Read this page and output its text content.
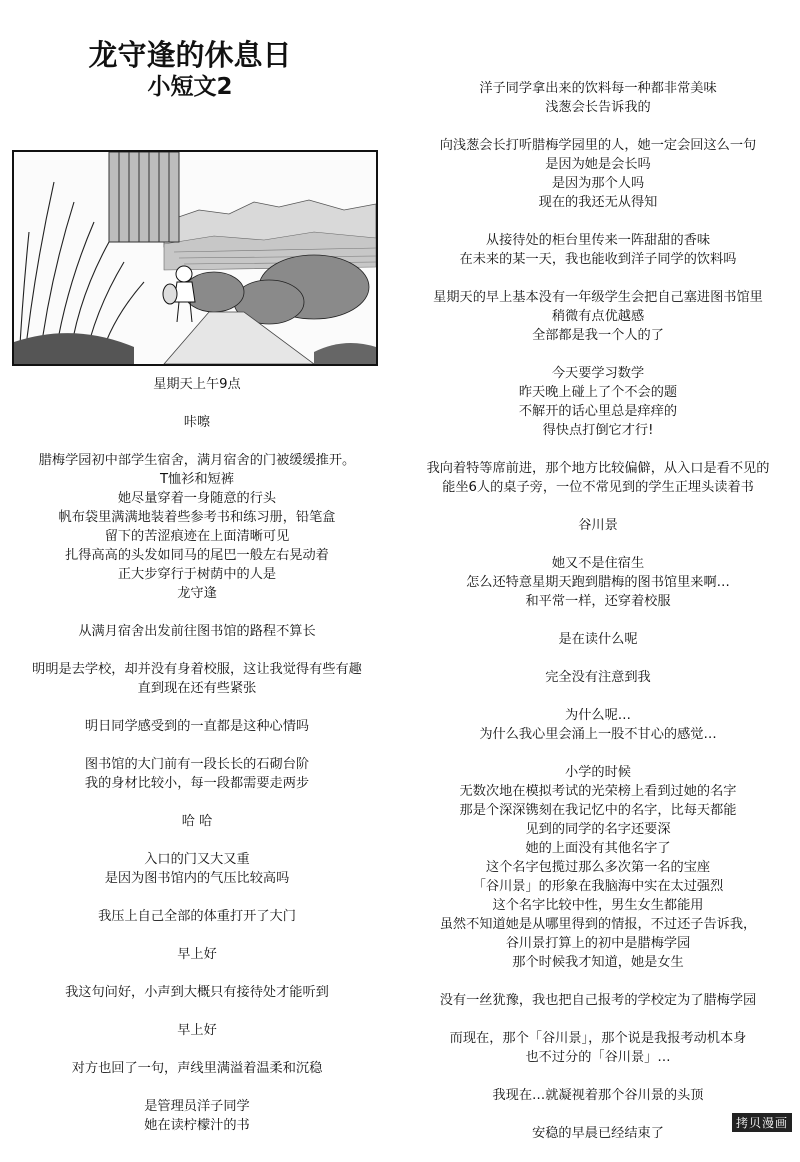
龙守逢的休息日
小短文2
星期天上午9点
咔嚓
腊梅学园初中部学生宿舍，满月宿舍的门被缓缓推开。
T恤衫和短裤
她尽量穿着一身随意的行头
帆布袋里满满地装着些参考书和练习册，铅笔盒
留下的苦涩痕迹在上面清晰可见
扎得高高的头发如同马的尾巴一般左右晃动着
正大步穿行于树荫中的人是
龙守逢
从满月宿舍出发前往图书馆的路程不算长
明明是去学校，却并没有身着校服，这让我觉得有些有趣
直到现在还有些紧张
明日同学感受到的一直都是这种心情吗
图书馆的大门前有一段长长的石砌台阶
我的身材比较小，每一段都需要走两步
哈 哈
入口的门又大又重
是因为图书馆内的气压比较高吗
我压上自己全部的体重打开了大门
早上好
我这句问好，小声到大概只有接待处才能听到
早上好
对方也回了一句，声线里满溢着温柔和沉稳
是管理员洋子同学
她在读柠檬汁的书
洋子同学拿出来的饮料每一种都非常美味
浅葱会长告诉我的
向浅葱会长打听腊梅学园里的人，她一定会回这么一句
是因为她是会长吗
是因为那个人吗
现在的我还无从得知
从接待处的柜台里传来一阵甜甜的香味
在未来的某一天，我也能收到洋子同学的饮料吗
星期天的早上基本没有一年级学生会把自己塞进图书馆里
稍微有点优越感
全部都是我一个人的了
今天要学习数学
昨天晚上碰上了个不会的题
不解开的话心里总是痒痒的
得快点打倒它才行!
我向着特等席前进，那个地方比较偏僻，从入口是看不见的
能坐6人的桌子旁，一位不常见到的学生正埋头读着书
谷川景
她又不是住宿生
怎么还特意星期天跑到腊梅的图书馆里来啊…
和平常一样，还穿着校服
是在读什么呢
完全没有注意到我
为什么呢…
为什么我心里会涌上一股不甘心的感觉…
小学的时候
无数次地在模拟考试的光荣榜上看到过她的名字
那是个深深镌刻在我记忆中的名字，比每天都能
见到的同学的名字还要深
她的上面没有其他名字了
这个名字包揽过那么多次第一名的宝座
「谷川景」的形象在我脑海中实在太过强烈
这个名字比较中性，男生女生都能用
虽然不知道她是从哪里得到的情报，不过还子告诉我，
谷川景打算上的初中是腊梅学园
那个时候我才知道，她是女生
没有一丝犹豫，我也把自己报考的学校定为了腊梅学园
而现在，那个「谷川景」，那个说是我报考动机本身
也不过分的「谷川景」…
我现在…就凝视着那个谷川景的头顶
安稳的早晨已经结束了
拷贝漫画
